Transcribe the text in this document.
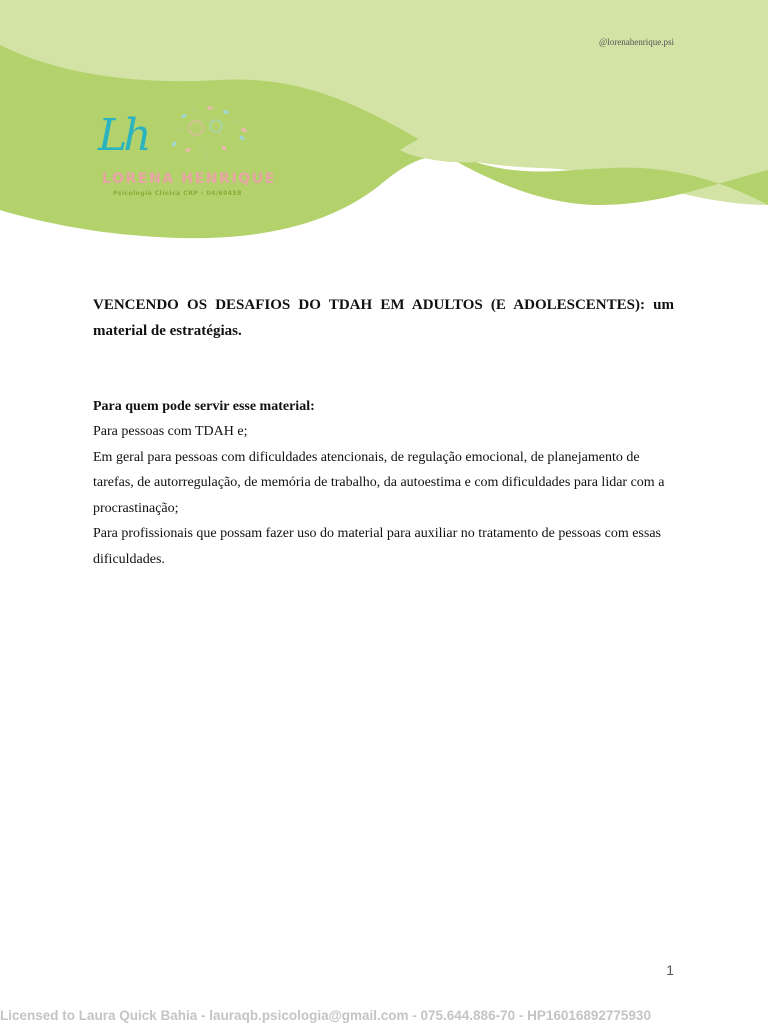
@lorenahenrique.psi
Lh
LORENA HENRIQUE
Psicologia Clínica CRP - 04/60458

VENCENDO OS DESAFIOS DO TDAH EM ADULTOS (E ADOLESCENTES): um
material de estratégias.

Para quem pode servir esse material:

Para pessoas com TDAH e;

Em geral para pessoas com dificuldades atencionais, de regulação emocional, de planejamento de tarefas, de autorregulação, de memória de trabalho, da autoestima e com dificuldades para lidar com a procrastinação;

Para profissionais que possam fazer uso do material para auxiliar no tratamento de pessoas com essas dificuldades.

1
Licensed to Laura Quick Bahia - lauraqb.psicologia@gmail.com - 075.644.886-70 - HP16016892775930
